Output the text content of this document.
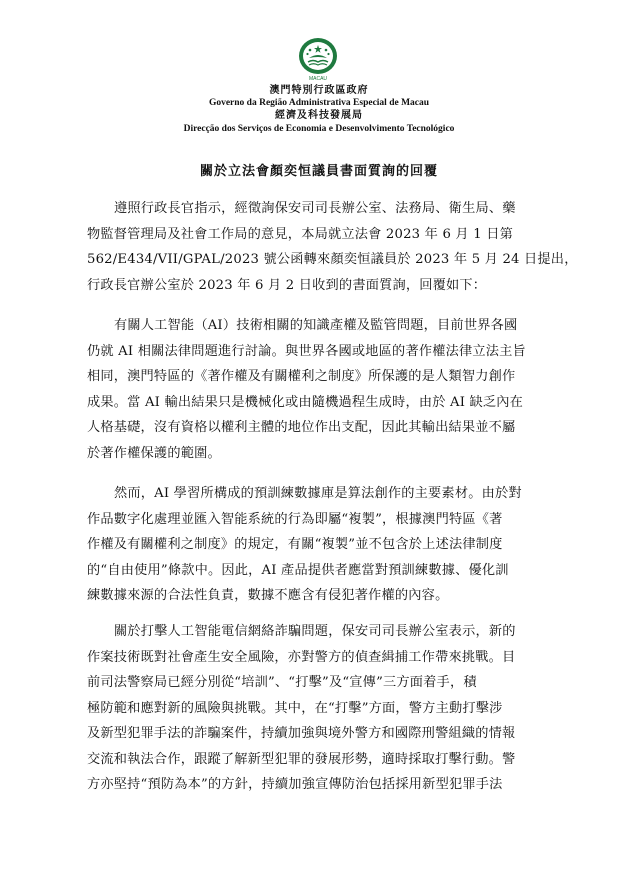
MACAU
澳門特別行政區政府
Governo da Região Administrativa Especial de Macau
經濟及科技發展局
Direcção dos Serviços de Economia e Desenvolvimento Tecnológico
關於立法會顏奕恒議員書面質詢的回覆

遵照行政長官指示，經徵詢保安司司長辦公室、法務局、衛生局、藥
物監督管理局及社會工作局的意見，本局就立法會 2023 年 6 月 1 日第
562/E434/VII/GPAL/2023 號公函轉來顏奕恒議員於 2023 年 5 月 24 日提出，
行政長官辦公室於 2023 年 6 月 2 日收到的書面質詢，回覆如下：

有關人工智能（AI）技術相關的知識產權及監管問題，目前世界各國
仍就 AI 相關法律問題進行討論。與世界各國或地區的著作權法律立法主旨
相同，澳門特區的《著作權及有關權利之制度》所保護的是人類智力創作
成果。當 AI 輸出結果只是機械化或由隨機過程生成時，由於 AI 缺乏內在
人格基礎，沒有資格以權利主體的地位作出支配，因此其輸出結果並不屬
於著作權保護的範圍。

然而，AI 學習所構成的預訓練數據庫是算法創作的主要素材。由於對
作品數字化處理並匯入智能系統的行為即屬“複製”，根據澳門特區《著
作權及有關權利之制度》的規定，有關“複製”並不包含於上述法律制度
的“自由使用”條款中。因此，AI 產品提供者應當對預訓練數據、優化訓
練數據來源的合法性負責，數據不應含有侵犯著作權的內容。

關於打擊人工智能電信網絡詐騙問題，保安司司長辦公室表示，新的
作案技術既對社會產生安全風險，亦對警方的偵查緝捕工作帶來挑戰。目
前司法警察局已經分別從“培訓”、“打擊”及“宣傳”三方面着手，積
極防範和應對新的風險與挑戰。其中，在“打擊”方面，警方主動打擊涉
及新型犯罪手法的詐騙案件，持續加強與境外警方和國際刑警組織的情報
交流和執法合作，跟蹤了解新型犯罪的發展形勢，適時採取打擊行動。警
方亦堅持“預防為本”的方針，持續加強宣傳防治包括採用新型犯罪手法
